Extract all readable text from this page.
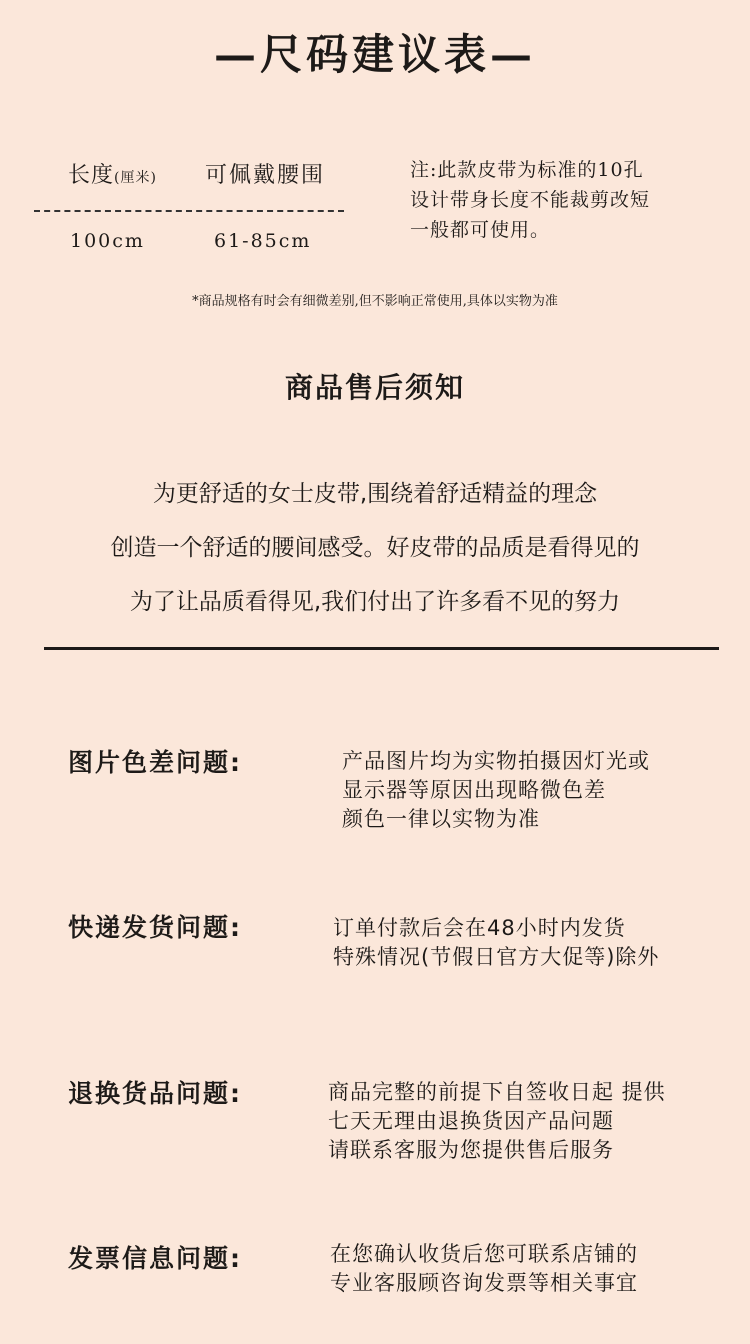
—尺码建议表—
长度(厘米) 可佩戴腰围
100cm	61-85cm
注:此款皮带为标准的10孔
设计带身长度不能裁剪改短
一般都可使用。
*商品规格有时会有细微差别,但不影响正常使用,具体以实物为准
商品售后须知
为更舒适的女士皮带,围绕着舒适精益的理念
创造一个舒适的腰间感受。好皮带的品质是看得见的
为了让品质看得见,我们付出了许多看不见的努力
图片色差问题:	产品图片均为实物拍摄因灯光或
显示器等原因出现略微色差
颜色一律以实物为准
快递发货问题:	订单付款后会在48小时内发货
特殊情况(节假日官方大促等)除外
退换货品问题:	商品完整的前提下自签收日起 提供
七天无理由退换货因产品问题
请联系客服为您提供售后服务
发票信息问题:	在您确认收货后您可联系店铺的
专业客服顾咨询发票等相关事宜
